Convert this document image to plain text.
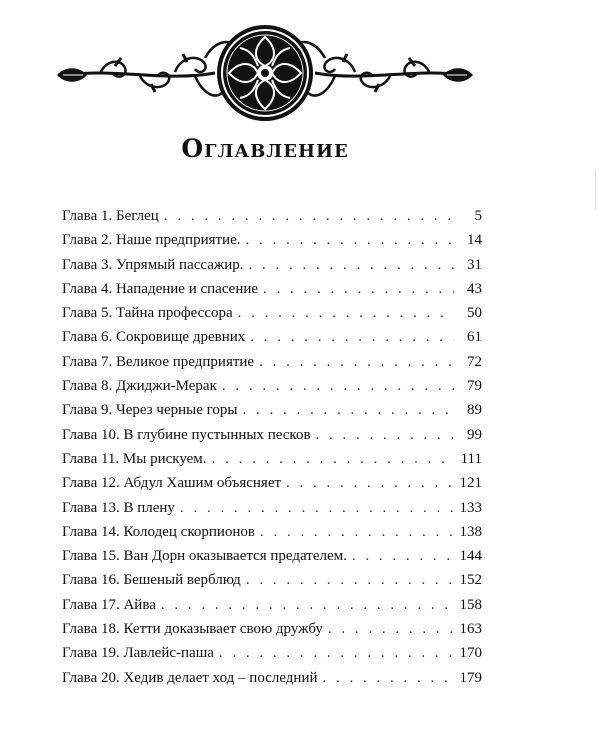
Оглавление
Глава 1. Беглец . . .	5
Глава 2. Наше предприятие. . . .	14
Глава 3. Упрямый пассажир. . . .	31
Глава 4. Нападение и спасение . . .	43
Глава 5. Тайна профессора . . .	50
Глава 6. Сокровище древних . . .	61
Глава 7. Великое предприятие . . .	72
Глава 8. Джиджи-Мерак . . .	79
Глава 9. Через черные горы . . .	89
Глава 10. В глубине пустынных песков . . .	99
Глава 11. Мы рискуем. . . .	111
Глава 12. Абдул Хашим объясняет . . .	121
Глава 13. В плену . . .	133
Глава 14. Колодец скорпионов . . .	138
Глава 15. Ван Дорн оказывается предателем. . . .	144
Глава 16. Бешеный верблюд . . .	152
Глава 17. Айва . . .	158
Глава 18. Кетти доказывает свою дружбу . . .	163
Глава 19. Лавлейс-паша . . .	170
Глава 20. Хедив делает ход – последний . . .	179
